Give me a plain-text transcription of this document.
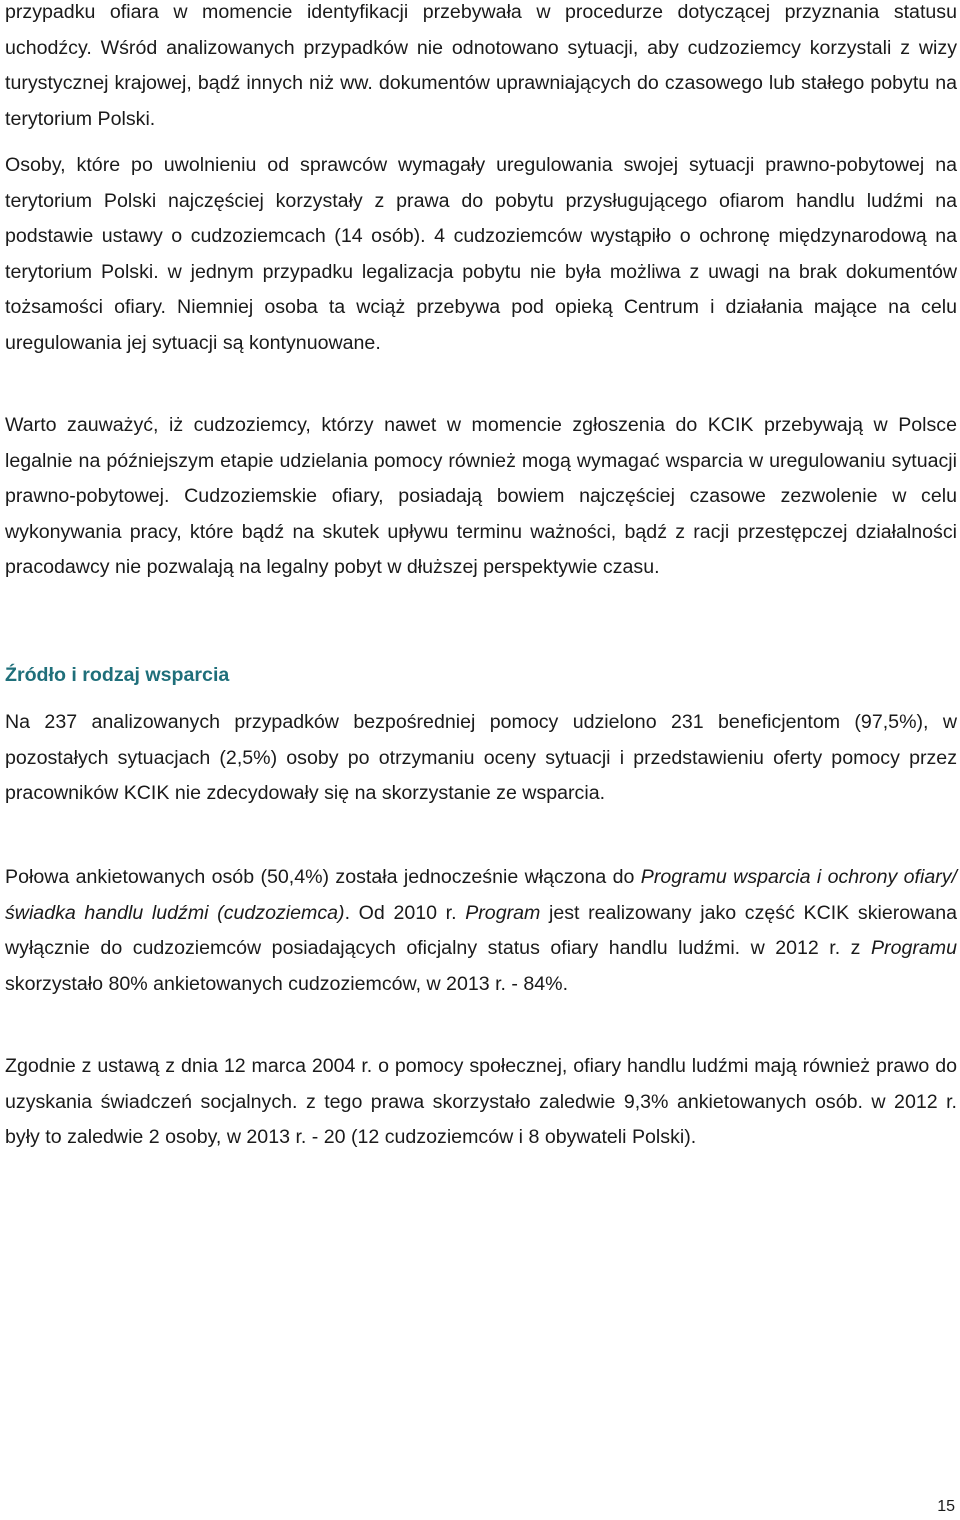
przypadku ofiara w momencie identyfikacji przebywała w procedurze dotyczącej przyznania statusu uchodźcy. Wśród analizowanych przypadków nie odnotowano sytuacji, aby cudzoziemcy korzystali z wizy turystycznej krajowej, bądź innych niż ww. dokumentów uprawniających do czasowego lub stałego pobytu na terytorium Polski.

Osoby, które po uwolnieniu od sprawców wymagały uregulowania swojej sytuacji prawno-pobytowej na terytorium Polski najczęściej korzystały z prawa do pobytu przysługującego ofiarom handlu ludźmi na podstawie ustawy o cudzoziemcach (14 osób). 4 cudzoziemców wystąpiło o ochronę międzynarodową na terytorium Polski. w jednym przypadku legalizacja pobytu nie była możliwa z uwagi na brak dokumentów tożsamości ofiary. Niemniej osoba ta wciąż przebywa pod opieką Centrum i działania mające na celu uregulowania jej sytuacji są kontynuowane.

Warto zauważyć, iż cudzoziemcy, którzy nawet w momencie zgłoszenia do KCIK przebywają w Polsce legalnie na późniejszym etapie udzielania pomocy również mogą wymagać wsparcia w uregulowaniu sytuacji prawno-pobytowej. Cudzoziemskie ofiary, posiadają bowiem najczęściej czasowe zezwolenie w celu wykonywania pracy, które bądź na skutek upływu terminu ważności, bądź z racji przestępczej działalności pracodawcy nie pozwalają na legalny pobyt w dłuższej perspektywie czasu.

Źródło i rodzaj wsparcia

Na 237 analizowanych przypadków bezpośredniej pomocy udzielono 231 beneficjentom (97,5%), w pozostałych sytuacjach (2,5%) osoby po otrzymaniu oceny sytuacji i przedstawieniu oferty pomocy przez pracowników KCIK nie zdecydowały się na skorzystanie ze wsparcia.

Połowa ankietowanych osób (50,4%) została jednocześnie włączona do Programu wsparcia i ochrony ofiary/świadka handlu ludźmi (cudzoziemca). Od 2010 r. Program jest realizowany jako część KCIK skierowana wyłącznie do cudzoziemców posiadających oficjalny status ofiary handlu ludźmi. w 2012 r. z Programu skorzystało 80% ankietowanych cudzoziemców, w 2013 r. - 84%.

Zgodnie z ustawą z dnia 12 marca 2004 r. o pomocy społecznej, ofiary handlu ludźmi mają również prawo do uzyskania świadczeń socjalnych. z tego prawa skorzystało zaledwie 9,3% ankietowanych osób. w 2012 r. były to zaledwie 2 osoby, w 2013 r. - 20 (12 cudzoziemców i 8 obywateli Polski).

15
